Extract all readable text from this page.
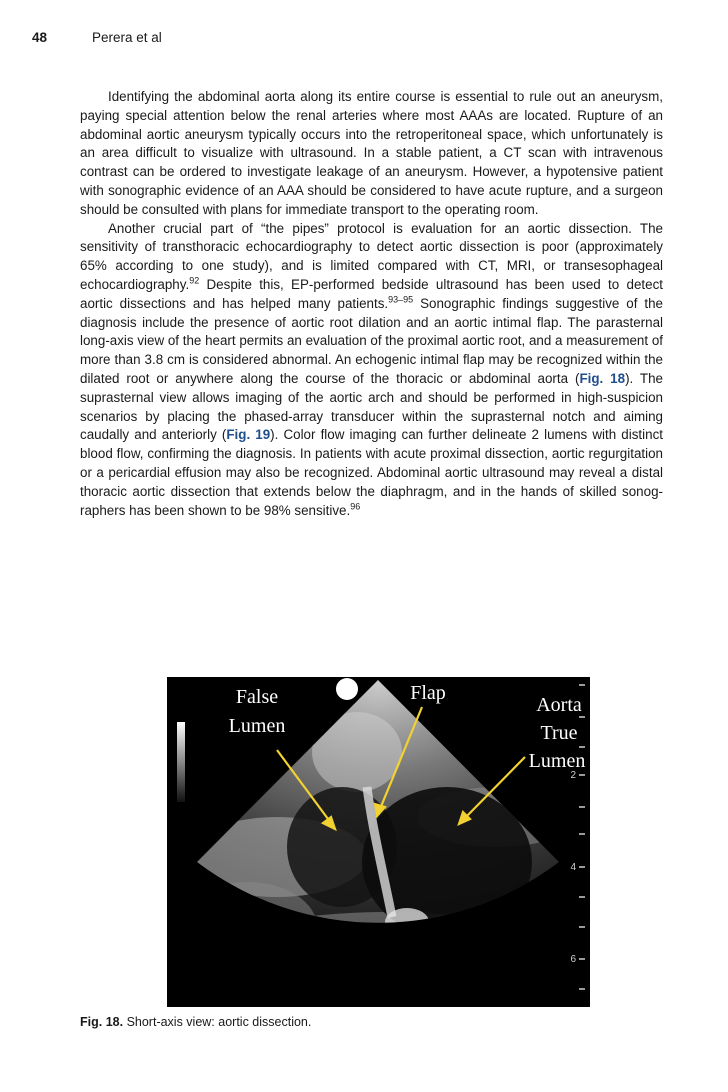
48	Perera et al

Identifying the abdominal aorta along its entire course is essential to rule out an aneurysm, paying special attention below the renal arteries where most AAAs are located. Rupture of an abdominal aortic aneurysm typically occurs into the retroperitoneal space, which unfortunately is an area difficult to visualize with ultrasound. In a stable patient, a CT scan with intravenous contrast can be ordered to investigate leakage of an aneurysm. However, a hypotensive patient with sonographic evidence of an AAA should be considered to have acute rupture, and a surgeon should be consulted with plans for immediate transport to the operating room.

Another crucial part of “the pipes” protocol is evaluation for an aortic dissection. The sensitivity of transthoracic echocardiography to detect aortic dissection is poor (approximately 65% according to one study), and is limited compared with CT, MRI, or transesophageal echocardiography.$^{92}$ Despite this, EP-performed bedside ultrasound has been used to detect aortic dissections and has helped many patients.$^{93-95}$ Sonographic findings suggestive of the diagnosis include the presence of aortic root dilation and an aortic intimal flap. The parasternal long-axis view of the heart permits an evaluation of the proximal aortic root, and a measurement of more than 3.8 cm is considered abnormal. An echogenic intimal flap may be recognized within the dilated root or anywhere along the course of the thoracic or abdominal aorta (Fig. 18). The suprasternal view allows imaging of the aortic arch and should be performed in high-suspicion scenarios by placing the phased-array transducer within the suprasternal notch and aiming caudally and anteriorly (Fig. 19). Color flow imaging can further delineate 2 lumens with distinct blood flow, confirming the diagnosis. In patients with acute proximal dissection, aortic regurgitation or a pericardial effusion may also be recognized. Abdominal aortic ultrasound may reveal a distal thoracic aortic dissection that extends below the diaphragm, and in the hands of skilled sonographers has been shown to be 98% sensitive.$^{96}$

2
4
6
False
Lumen
Flap
Aorta
True
Lumen
Fig. 18. Short-axis view: aortic dissection.
